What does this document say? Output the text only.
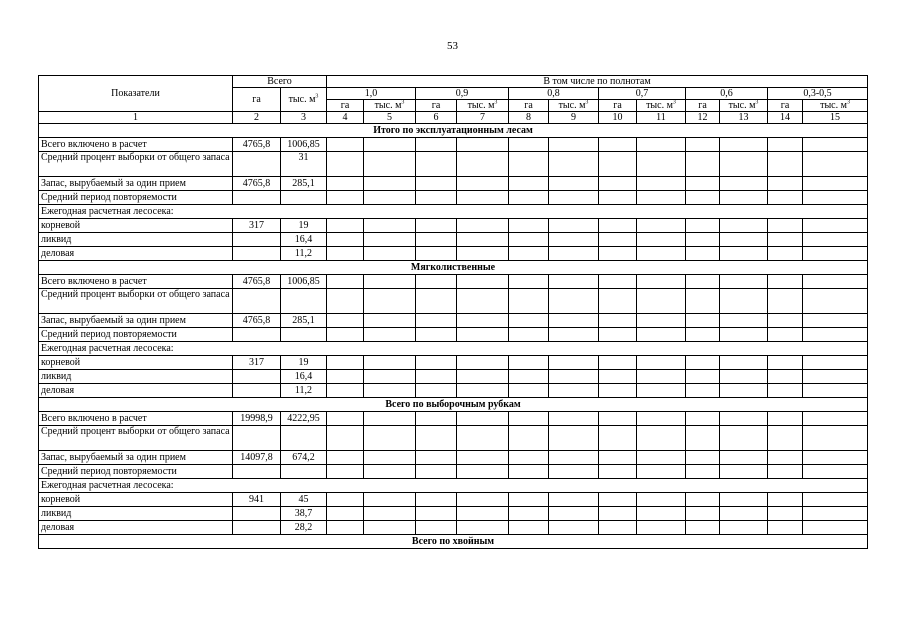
53
Показатели	Всего		В том числе по полнотам											
	га	тыс. $м^3$	1,0		0,9		0,8		0,7		0,6		0,3-0,5	
			га	тыс. $м^3$	га	тыс. $м^3$	га	тыс. $м^3$	га	тыс. $м^3$	га	тыс. $м^3$	га	тыс. $м^3$
1	2	3	4	5	6	7	8	9	10	11	12	13	14	15
Итого по эксплуатационным лесам														
Всего включено в расчет	4765,8	1006,85												
Средний процент выборки от общего запаса		31												
Запас, вырубаемый за один прием	4765,8	285,1												
Средний период повторяемости														
Ежегодная расчетная лесосека:														
корневой	317	19												
ликвид		16,4												
деловая		11,2												
Мягколиственные														
Всего включено в расчет	4765,8	1006,85												
Средний процент выборки от общего запаса														
Запас, вырубаемый за один прием	4765,8	285,1												
Средний период повторяемости														
Ежегодная расчетная лесосека:														
корневой	317	19												
ликвид		16,4												
деловая		11,2												
Всего по выборочным рубкам														
Всего включено в расчет	19998,9	4222,95												
Средний процент выборки от общего запаса														
Запас, вырубаемый за один прием	14097,8	674,2												
Средний период повторяемости														
Ежегодная расчетная лесосека:														
корневой	941	45												
ликвид		38,7												
деловая		28,2												
Всего по хвойным														
